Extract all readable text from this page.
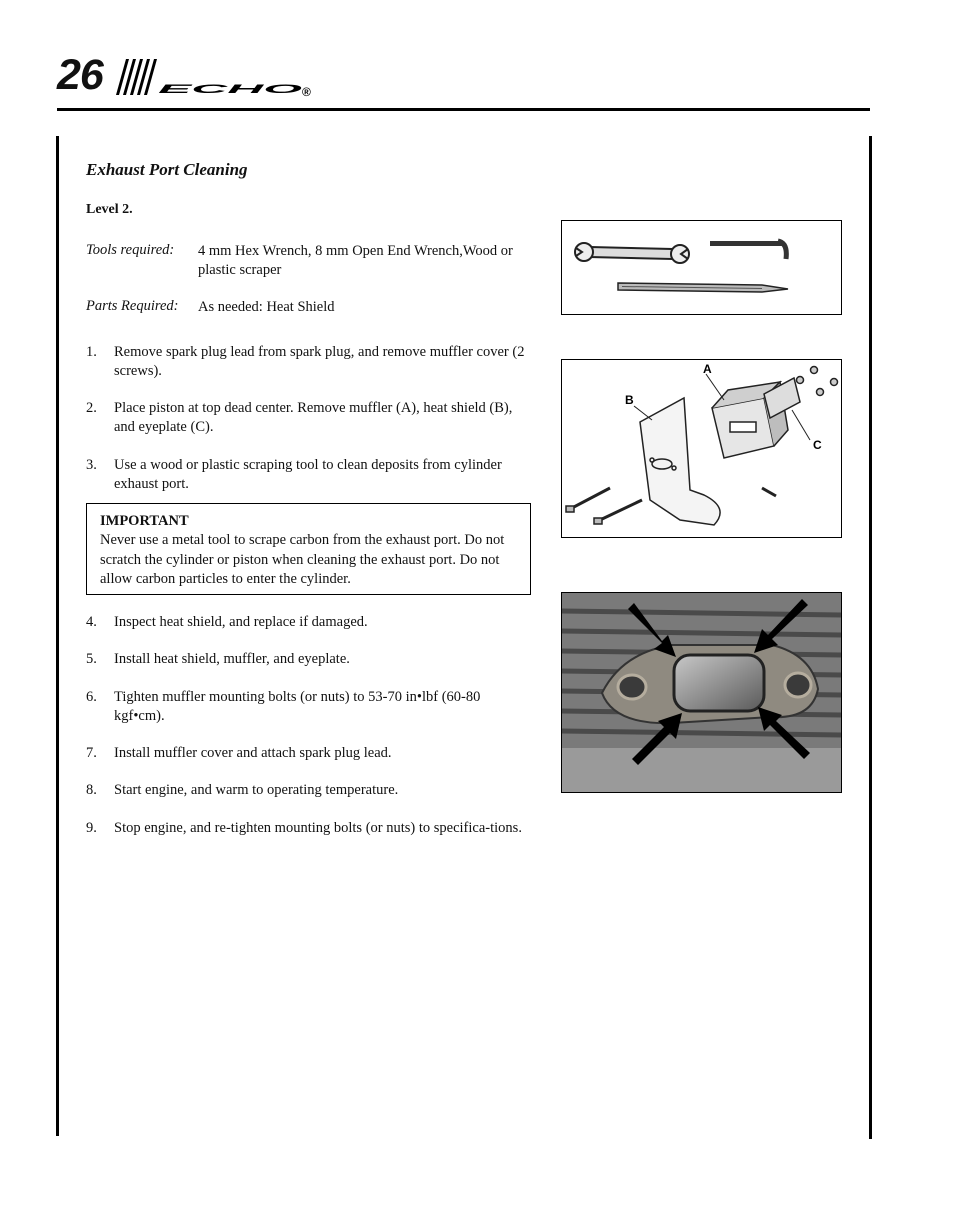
26	ECHO
®
Exhaust Port Cleaning
Level 2.
Tools required: 4 mm Hex Wrench, 8 mm Open End Wrench,Wood or plastic scraper
Parts Required: As needed: Heat Shield
1. Remove spark plug lead from spark plug, and remove muffler cover (2 screws).
2. Place piston at top dead center. Remove muffler (A), heat shield (B), and eyeplate (C).
3. Use a wood or plastic scraping tool to clean deposits from cylinder exhaust port.
IMPORTANT
Never use a metal tool to scrape carbon from the exhaust port. Do not scratch the cylinder or piston when cleaning the exhaust port. Do not allow carbon particles to enter the cylinder.
4. Inspect heat shield, and replace if damaged.
5. Install heat shield, muffler, and eyeplate.
6. Tighten muffler mounting bolts (or nuts) to 53-70 in•lbf (60-80 kgf•cm).
7. Install muffler cover and attach spark plug lead.
8. Start engine, and warm to operating temperature.
9. Stop engine, and re-tighten mounting bolts (or nuts) to specifica-tions.
A
B
C
